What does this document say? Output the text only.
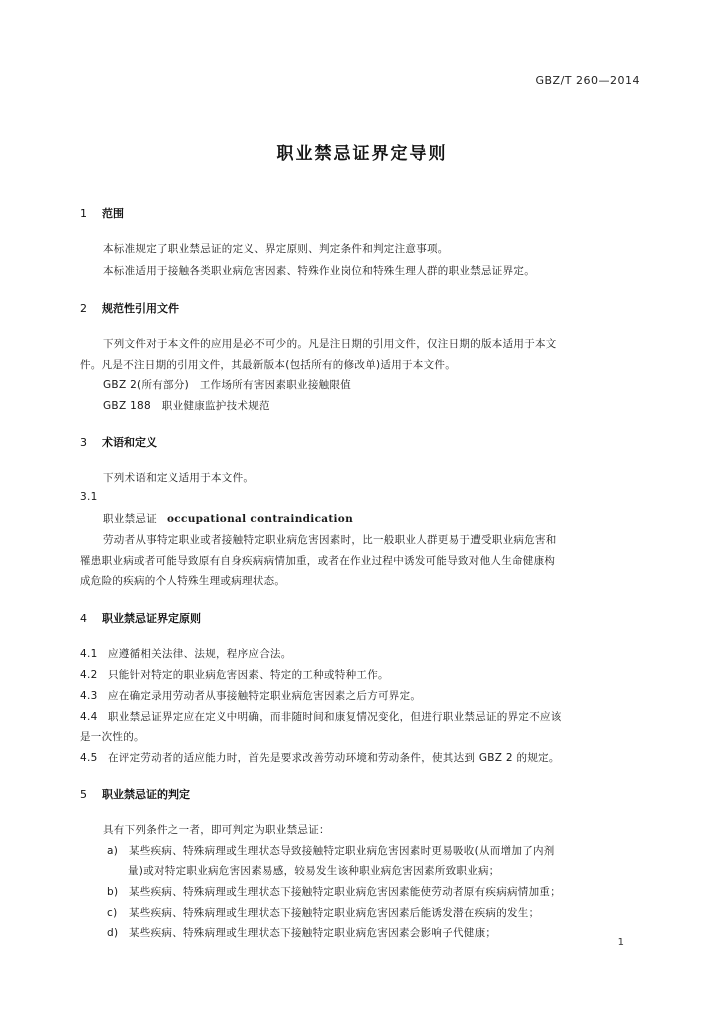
GBZ/T 260—2014
职业禁忌证界定导则
1 范围
本标准规定了职业禁忌证的定义、界定原则、判定条件和判定注意事项。
本标准适用于接触各类职业病危害因素、特殊作业岗位和特殊生理人群的职业禁忌证界定。
2 规范性引用文件
下列文件对于本文件的应用是必不可少的。凡是注日期的引用文件，仅注日期的版本适用于本文
件。凡是不注日期的引用文件，其最新版本(包括所有的修改单)适用于本文件。
GBZ 2(所有部分)　工作场所有害因素职业接触限值
GBZ 188　职业健康监护技术规范
3 术语和定义
下列术语和定义适用于本文件。
3.1
职业禁忌证 occupational contraindication
劳动者从事特定职业或者接触特定职业病危害因素时，比一般职业人群更易于遭受职业病危害和
罹患职业病或者可能导致原有自身疾病病情加重，或者在作业过程中诱发可能导致对他人生命健康构
成危险的疾病的个人特殊生理或病理状态。
4 职业禁忌证界定原则
4.1 应遵循相关法律、法规，程序应合法。
4.2 只能针对特定的职业病危害因素、特定的工种或特种工作。
4.3 应在确定录用劳动者从事接触特定职业病危害因素之后方可界定。
4.4 职业禁忌证界定应在定义中明确，而非随时间和康复情况变化，但进行职业禁忌证的界定不应该
是一次性的。
4.5 在评定劳动者的适应能力时，首先是要求改善劳动环境和劳动条件，使其达到 GBZ 2 的规定。
5 职业禁忌证的判定
具有下列条件之一者，即可判定为职业禁忌证：
a) 某些疾病、特殊病理或生理状态导致接触特定职业病危害因素时更易吸收(从而增加了内剂
量)或对特定职业病危害因素易感，较易发生该种职业病危害因素所致职业病；
b) 某些疾病、特殊病理或生理状态下接触特定职业病危害因素能使劳动者原有疾病病情加重；
c) 某些疾病、特殊病理或生理状态下接触特定职业病危害因素后能诱发潜在疾病的发生；
d) 某些疾病、特殊病理或生理状态下接触特定职业病危害因素会影响子代健康；
1
